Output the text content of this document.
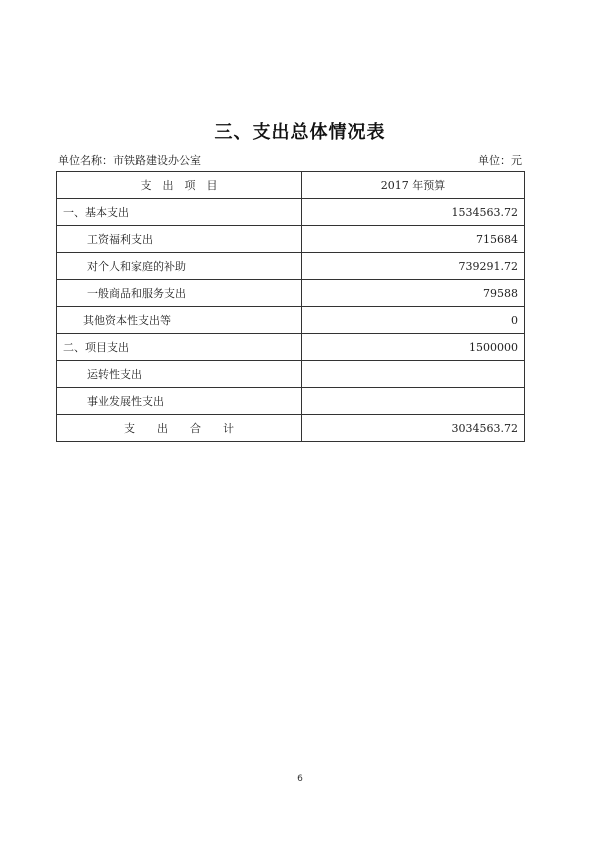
三、支出总体情况表
单位名称：市铁路建设办公室	单位：元
支　出　项　目	2017 年预算
一、基本支出	1534563.72
工资福利支出	715684
对个人和家庭的补助	739291.72
一般商品和服务支出	79588
其他资本性支出等	0
二、项目支出	1500000
运转性支出	
事业发展性支出	
支　　出　　合　　计	3034563.72
6
